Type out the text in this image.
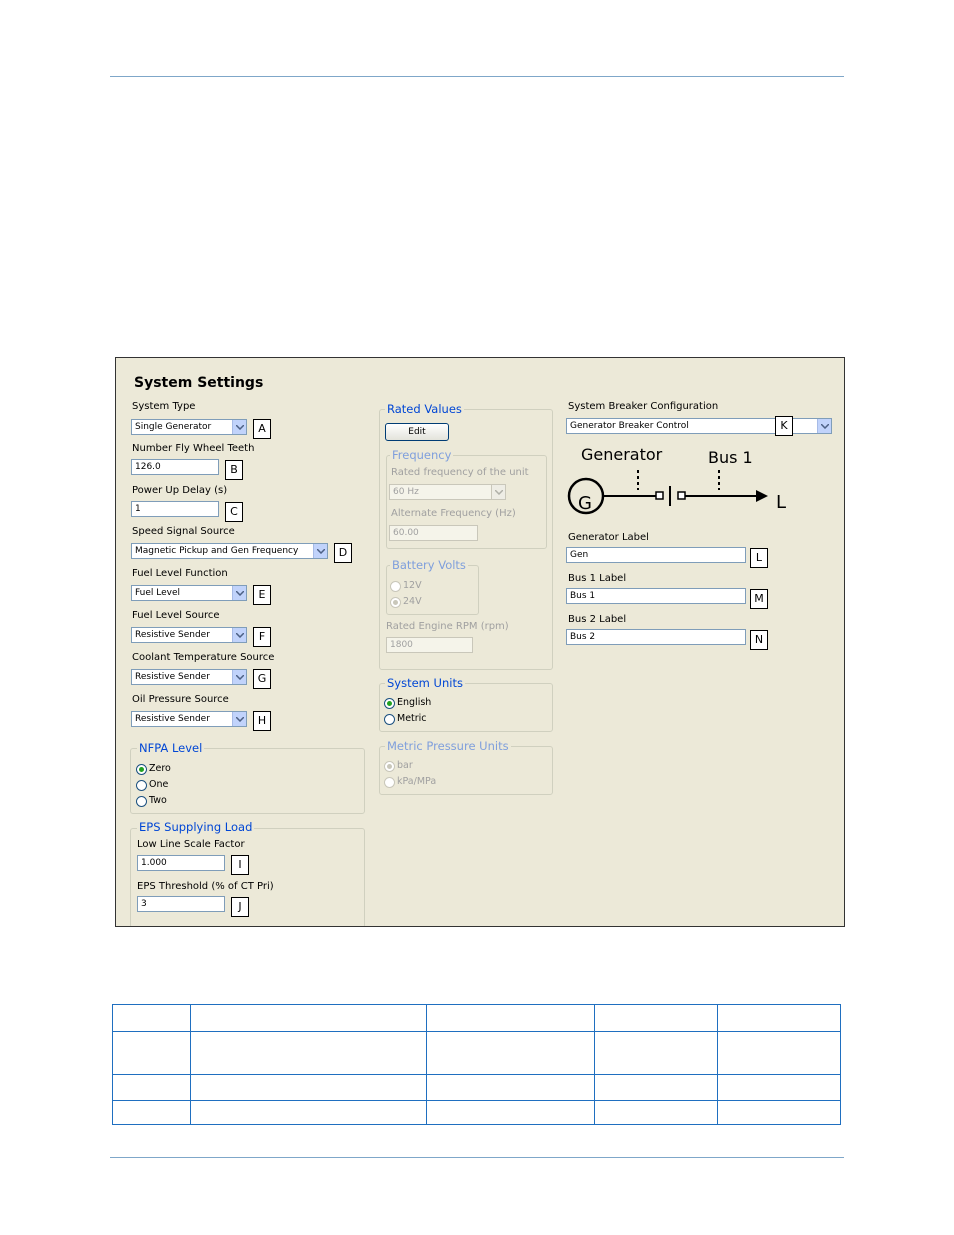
System Settings
System Type
Single Generator	A
Number Fly Wheel Teeth
126.0	B
Power Up Delay (s)
1	C
Speed Signal Source
Magnetic Pickup and Gen Frequency	D
Fuel Level Function
Fuel Level	E
Fuel Level Source
Resistive Sender	F
Coolant Temperature Source
Resistive Sender	G
Oil Pressure Source
Resistive Sender	H
NFPA Level
Zero
One
Two
EPS Supplying Load
Low Line Scale Factor
1.000	I
EPS Threshold (% of CT Pri)
3	J
Rated Values
Edit
Frequency
Rated frequency of the unit
60 Hz
Alternate Frequency (Hz)
60.00
Battery Volts
12V
24V
Rated Engine RPM (rpm)
1800
System Units
English
Metric
Metric Pressure Units
bar
kPa/MPa
System Breaker Configuration
Generator Breaker Control	K
Generator	Bus 1
G	L
Generator Label
Gen	L
Bus 1 Label
Bus 1	M
Bus 2 Label
Bus 2	N
